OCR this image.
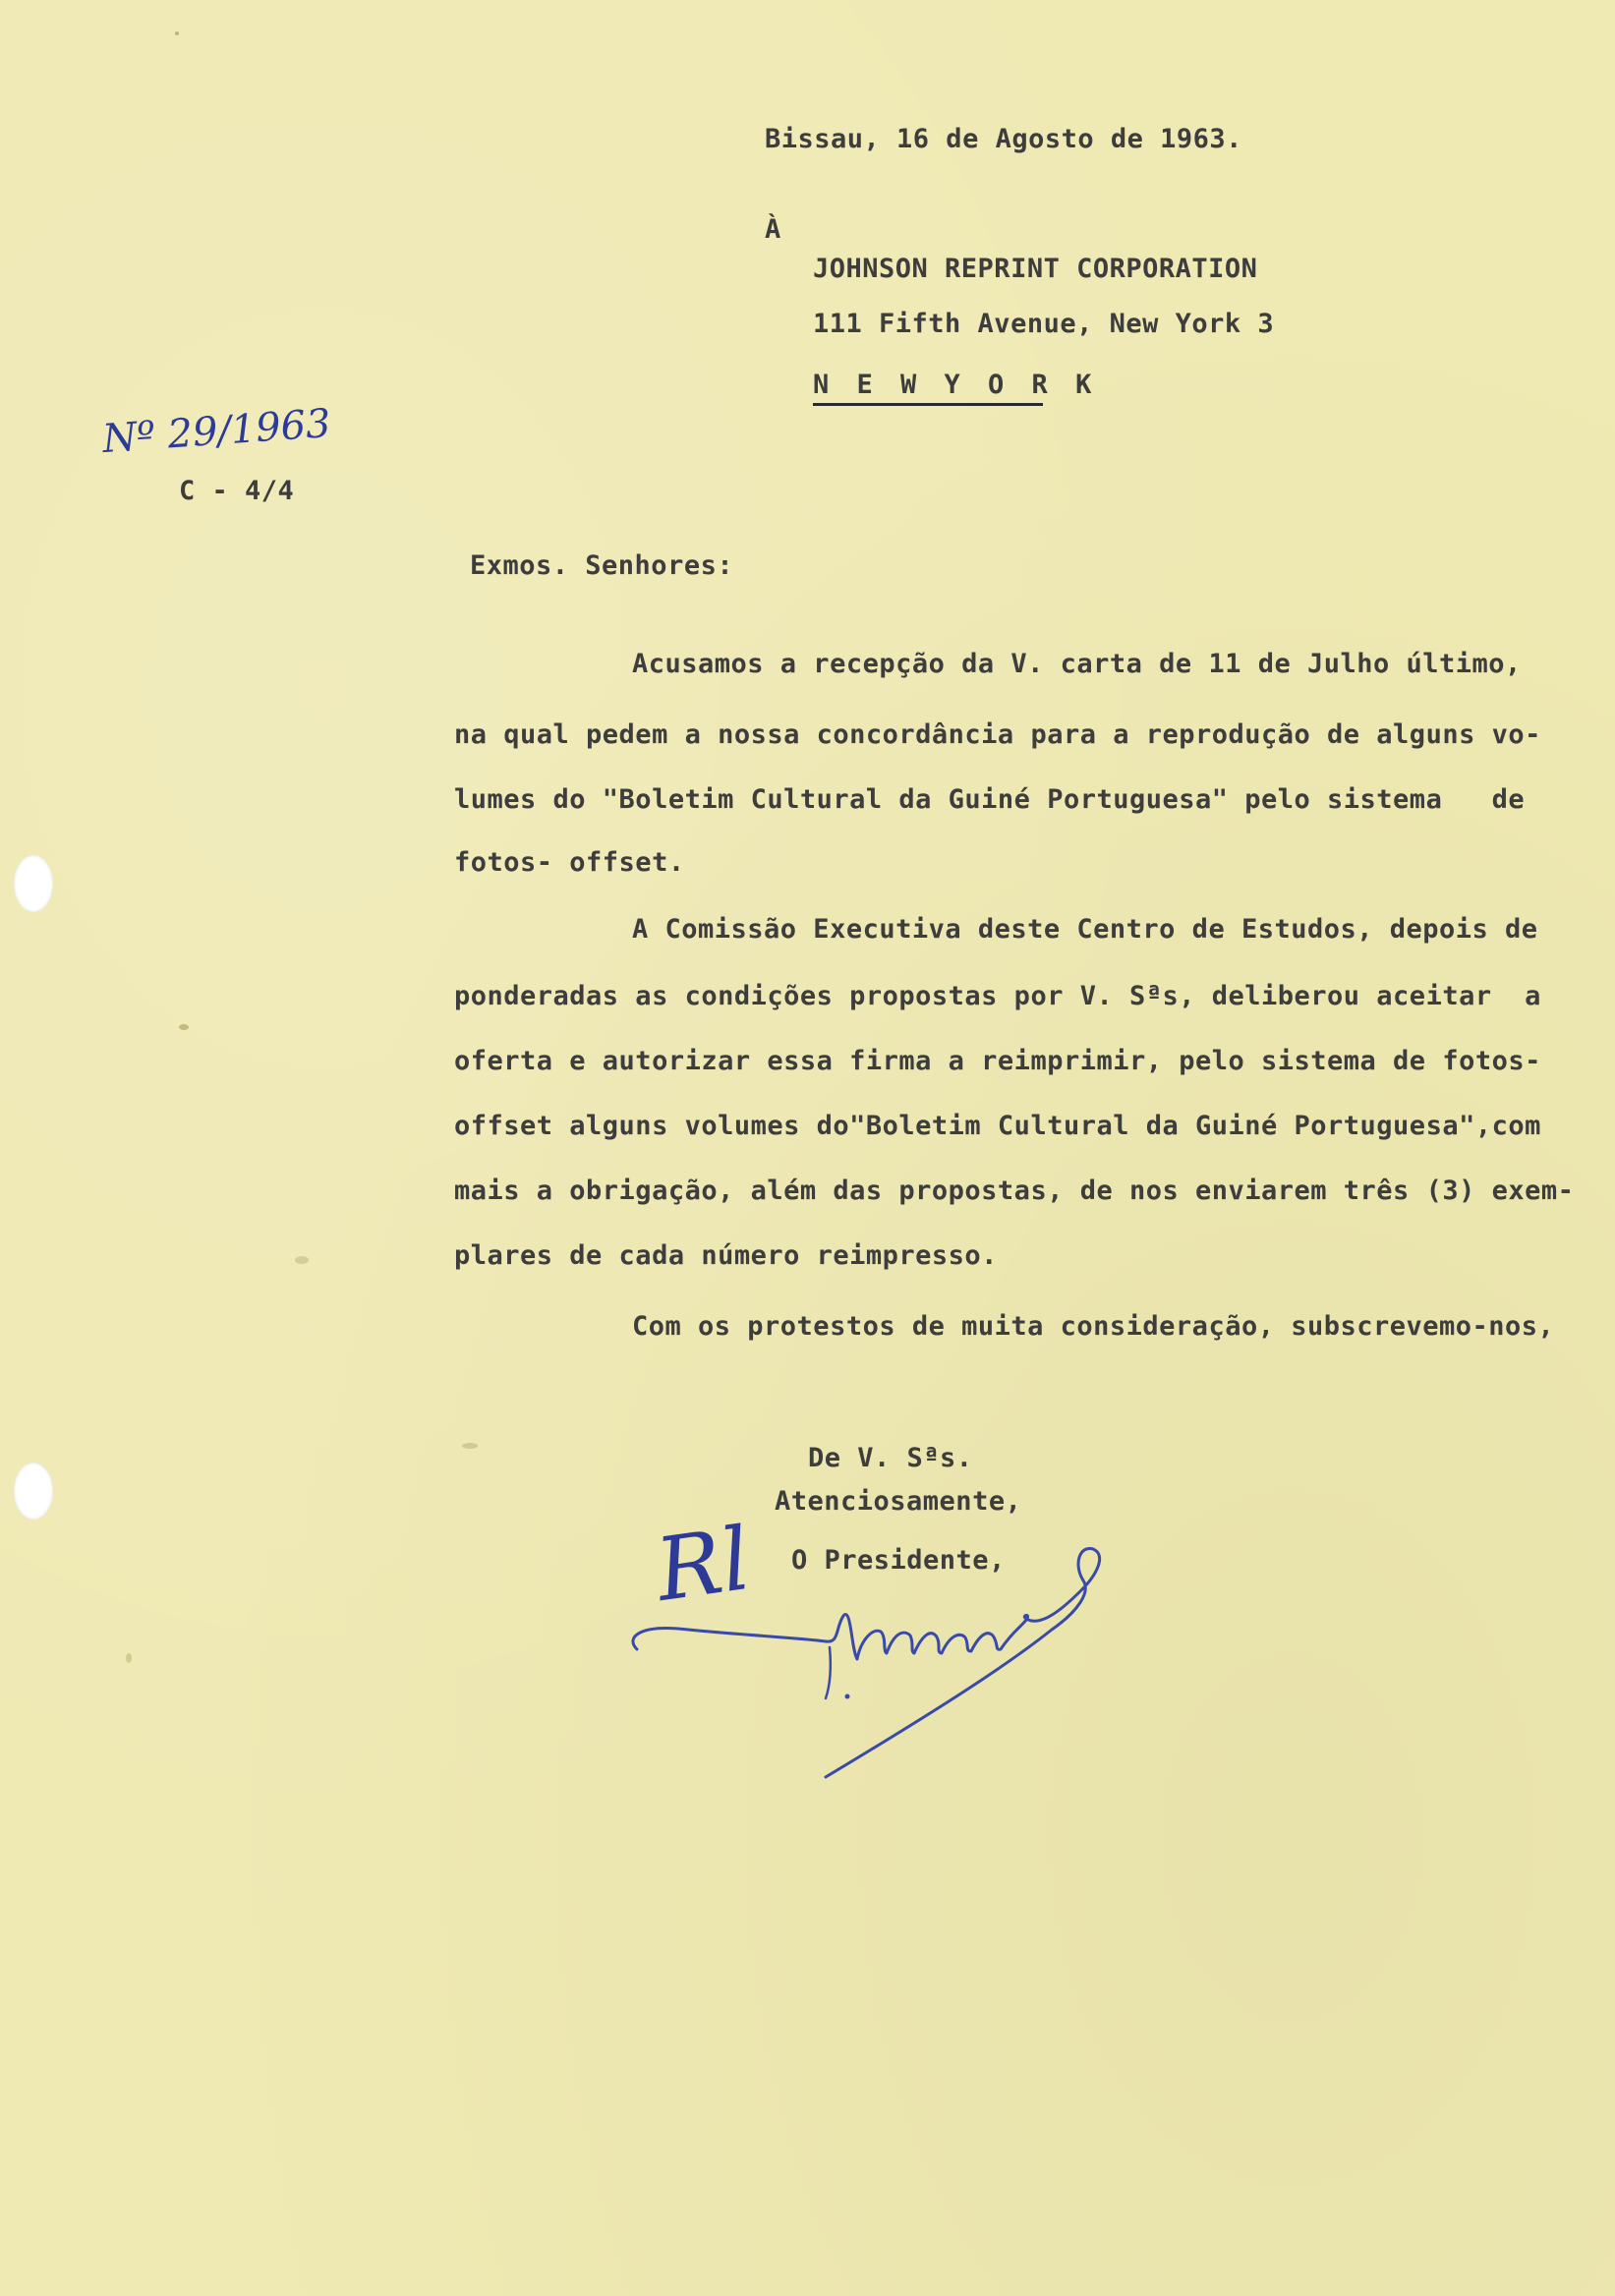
Bissau, 16 de Agosto de 1963.

À

JOHNSON REPRINT CORPORATION

111 Fifth Avenue, New York 3

N E W Y O R K

Nº 29/1963

C - 4/4

Exmos. Senhores:

Acusamos a recepção da V. carta de 11 de Julho último,

na qual pedem a nossa concordância para a reprodução de alguns vo-

lumes do "Boletim Cultural da Guiné Portuguesa" pelo sistema   de

fotos- offset.

A Comissão Executiva deste Centro de Estudos, depois de

ponderadas as condições propostas por V. Sªs, deliberou aceitar  a

oferta e autorizar essa firma a reimprimir, pelo sistema de fotos-

offset alguns volumes do"Boletim Cultural da Guiné Portuguesa",com

mais a obrigação, além das propostas, de nos enviarem três (3) exem-

plares de cada número reimpresso.

Com os protestos de muita consideração, subscrevemo-nos,

De V. Sªs.

Atenciosamente,

O Presidente,

Rl
